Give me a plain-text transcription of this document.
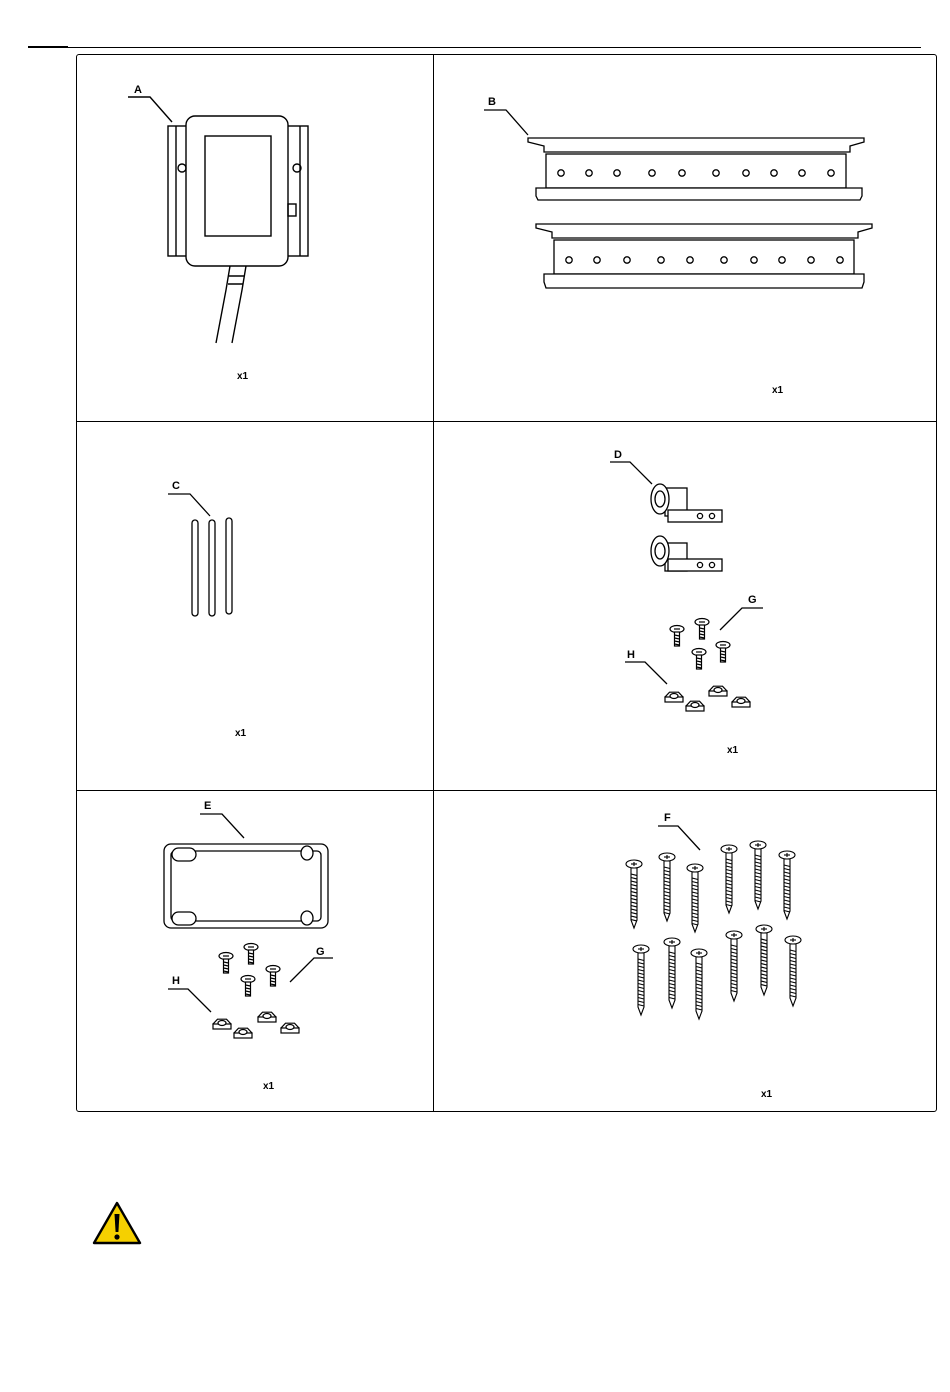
A
x1
B
x1
C
x1
D
G
H
x1
E
G
H
x1
F
x1
